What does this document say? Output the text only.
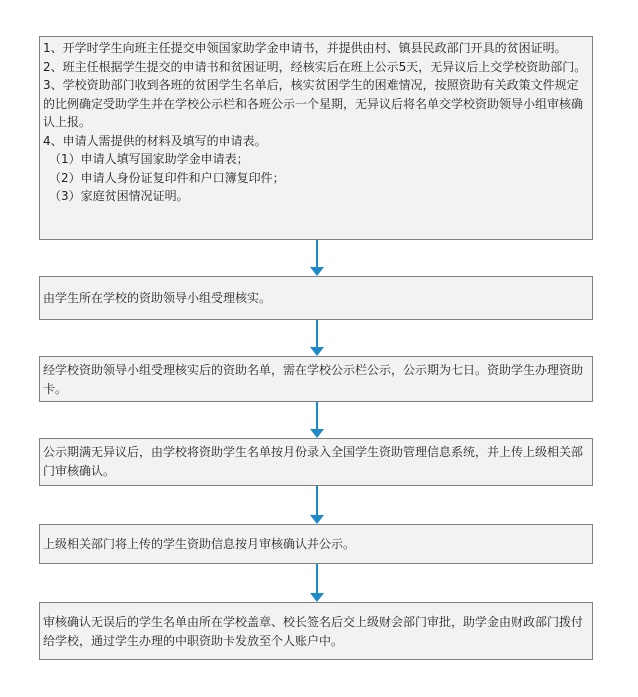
1、开学时学生向班主任提交申领国家助学金申请书，并提供由村、镇县民政部门开具的贫困证明。

2、班主任根据学生提交的申请书和贫困证明，经核实后在班上公示5天，无异议后上交学校资助部门。

3、学校资助部门收到各班的贫困学生名单后，核实贫困学生的困难情况，按照资助有关政策文件规定的比例确定受助学生并在学校公示栏和各班公示一个星期，无异议后将名单交学校资助领导小组审核确认上报。

4、申请人需提供的材料及填写的申请表。

（1）申请人填写国家助学金申请表；

（2）申请人身份证复印件和户口簿复印件；

（3）家庭贫困情况证明。

由学生所在学校的资助领导小组受理核实。

经学校资助领导小组受理核实后的资助名单，需在学校公示栏公示，公示期为七日。资助学生办理资助卡。

公示期满无异议后，由学校将资助学生名单按月份录入全国学生资助管理信息系统，并上传上级相关部门审核确认。

上级相关部门将上传的学生资助信息按月审核确认并公示。

审核确认无误后的学生名单由所在学校盖章、校长签名后交上级财会部门审批，助学金由财政部门拨付给学校，通过学生办理的中职资助卡发放至个人账户中。
